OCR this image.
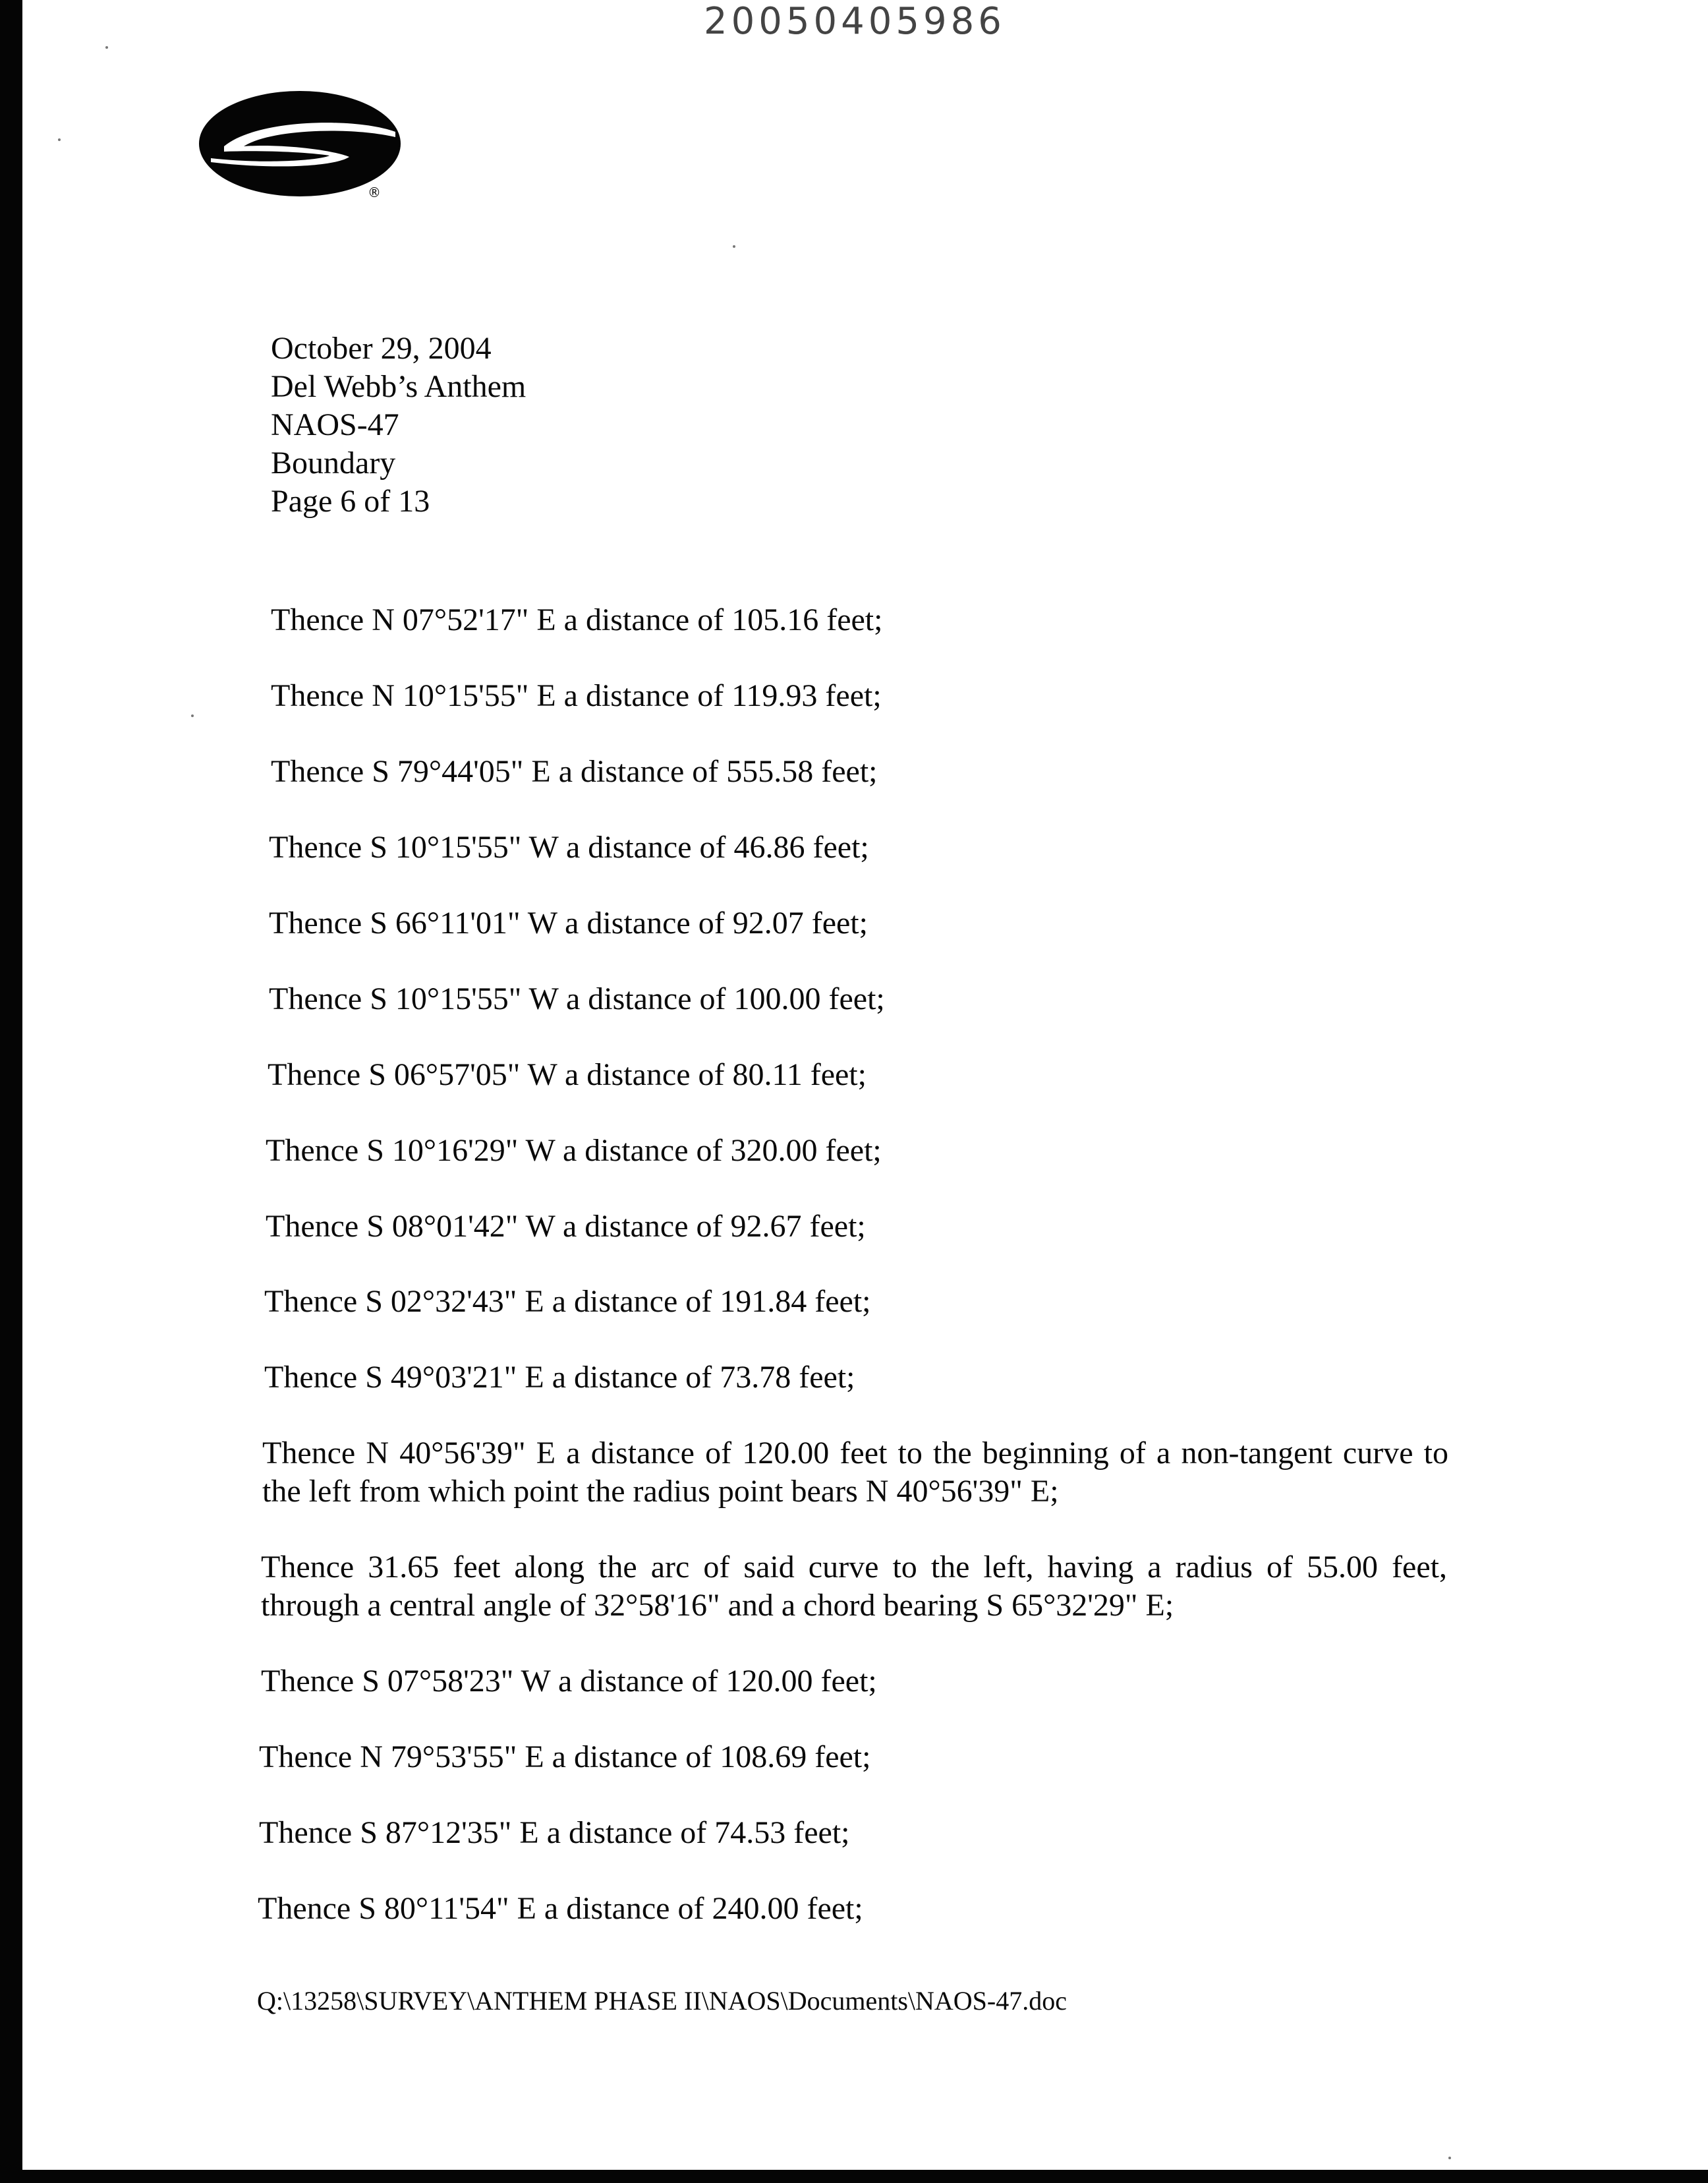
20050405986
®
October 29, 2004
Del Webb’s Anthem
NAOS-47
Boundary
Page 6 of 13
Thence N 07°52'17" E a distance of 105.16 feet;
Thence N 10°15'55" E a distance of 119.93 feet;
Thence S 79°44'05" E a distance of 555.58 feet;
Thence S 10°15'55" W a distance of 46.86 feet;
Thence S 66°11'01" W a distance of 92.07 feet;
Thence S 10°15'55" W a distance of 100.00 feet;
Thence S 06°57'05" W a distance of 80.11 feet;
Thence S 10°16'29" W a distance of 320.00 feet;
Thence S 08°01'42" W a distance of 92.67 feet;
Thence S 02°32'43" E a distance of 191.84 feet;
Thence S 49°03'21" E a distance of 73.78 feet;
Thence N 40°56'39" E a distance of 120.00 feet to the beginning of a non-tangent curve to the left from which point the radius point bears N 40°56'39" E;
Thence 31.65 feet along the arc of said curve to the left, having a radius of 55.00 feet, through a central angle of 32°58'16" and a chord bearing S 65°32'29" E;
Thence S 07°58'23" W a distance of 120.00 feet;
Thence N 79°53'55" E a distance of 108.69 feet;
Thence S 87°12'35" E a distance of 74.53 feet;
Thence S 80°11'54" E a distance of 240.00 feet;
Q:\13258\SURVEY\ANTHEM PHASE II\NAOS\Documents\NAOS-47.doc
